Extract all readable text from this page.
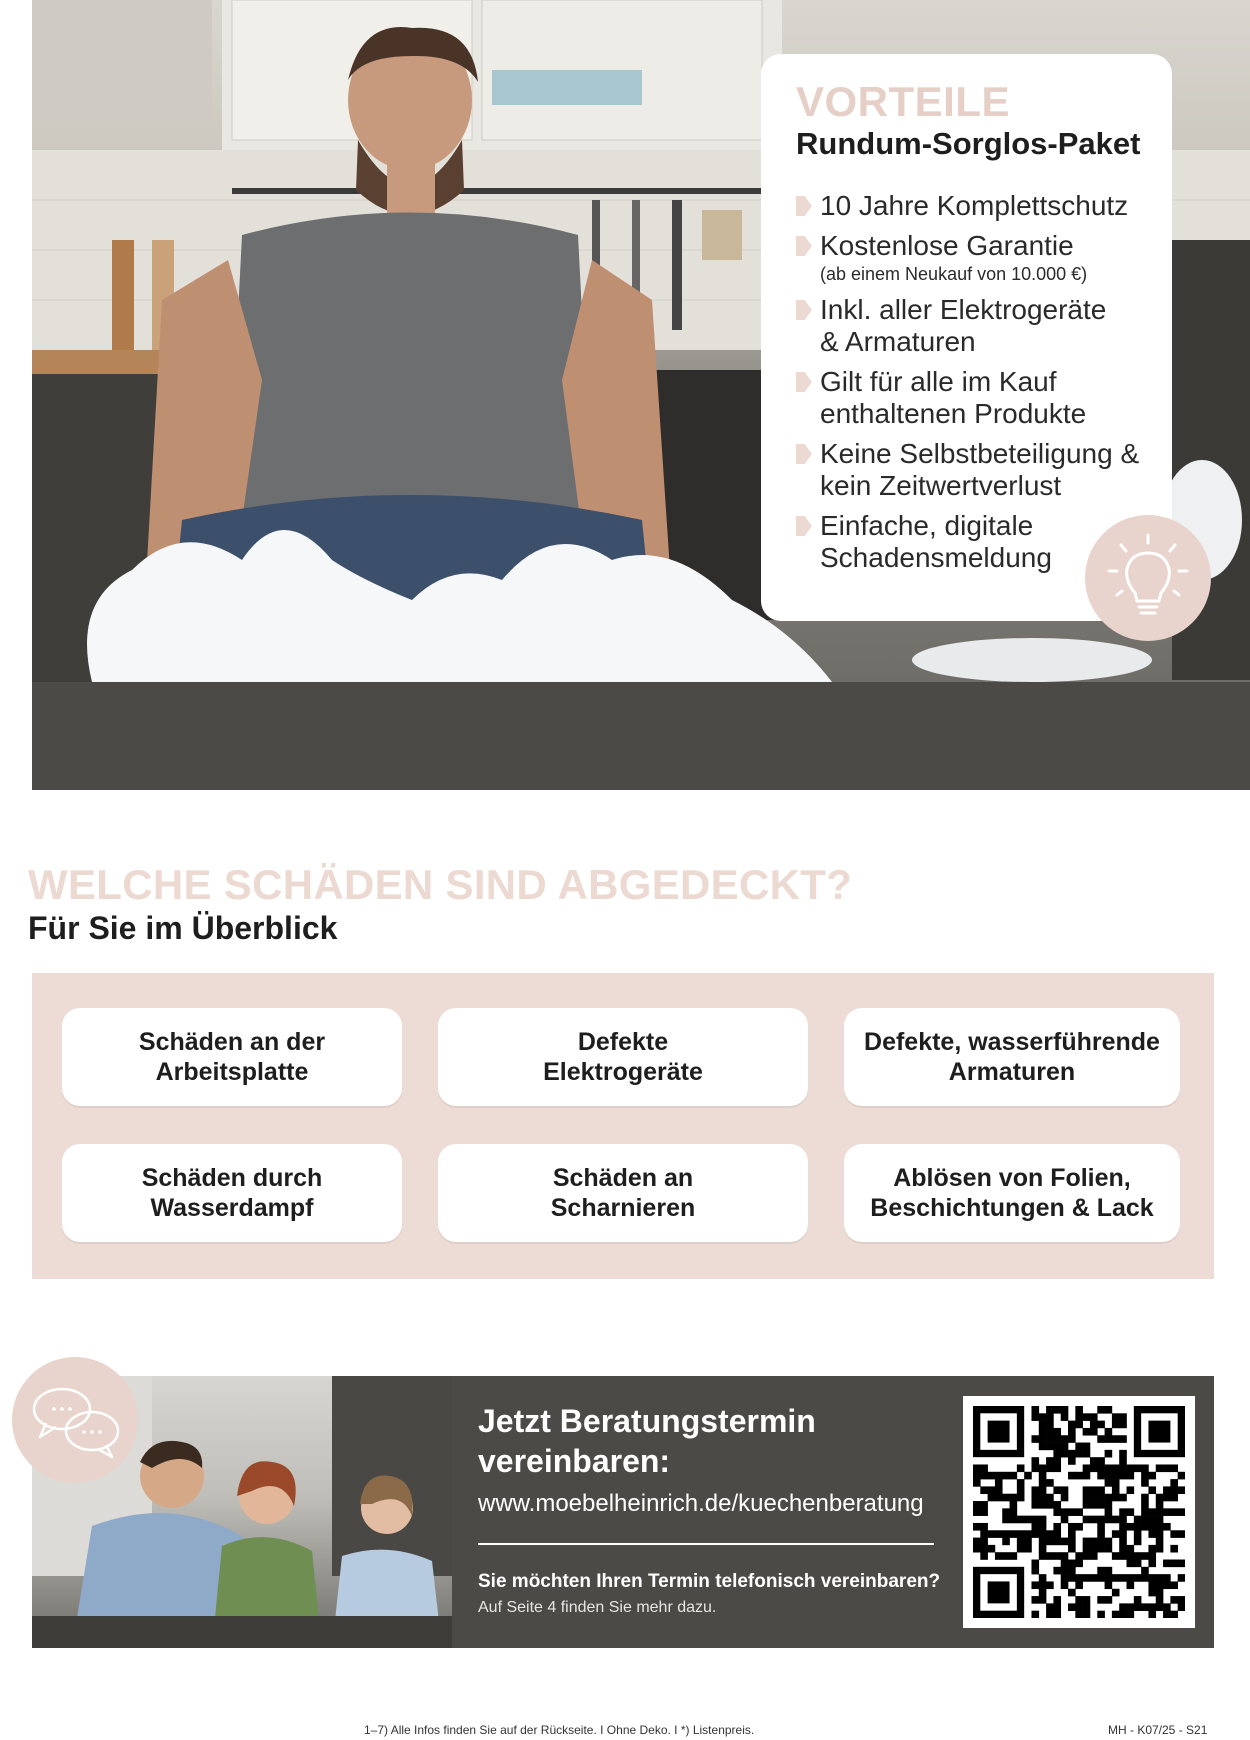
VORTEILE
Rundum-Sorglos-Paket
10 Jahre Komplettschutz
Kostenlose Garantie
(ab einem Neukauf von 10.000 €)
Inkl. aller Elektrogeräte & Armaturen
Gilt für alle im Kauf enthaltenen Produkte
Keine Selbstbeteiligung & kein Zeitwertverlust
Einfache, digitale Schadensmeldung
WELCHE SCHÄDEN SIND ABGEDECKT?
Für Sie im Überblick
Schäden an der
Arbeitsplatte
Defekte
Elektrogeräte
Defekte, wasserführende
Armaturen
Schäden durch
Wasserdampf
Schäden an
Scharnieren
Ablösen von Folien,
Beschichtungen & Lack
Jetzt Beratungstermin
vereinbaren:
www.moebelheinrich.de/kuechenberatung
Sie möchten Ihren Termin telefonisch vereinbaren?
Auf Seite 4 finden Sie mehr dazu.
1–7) Alle Infos finden Sie auf der Rückseite. I Ohne Deko. I *) Listenpreis.	MH - K07/25 - S21
